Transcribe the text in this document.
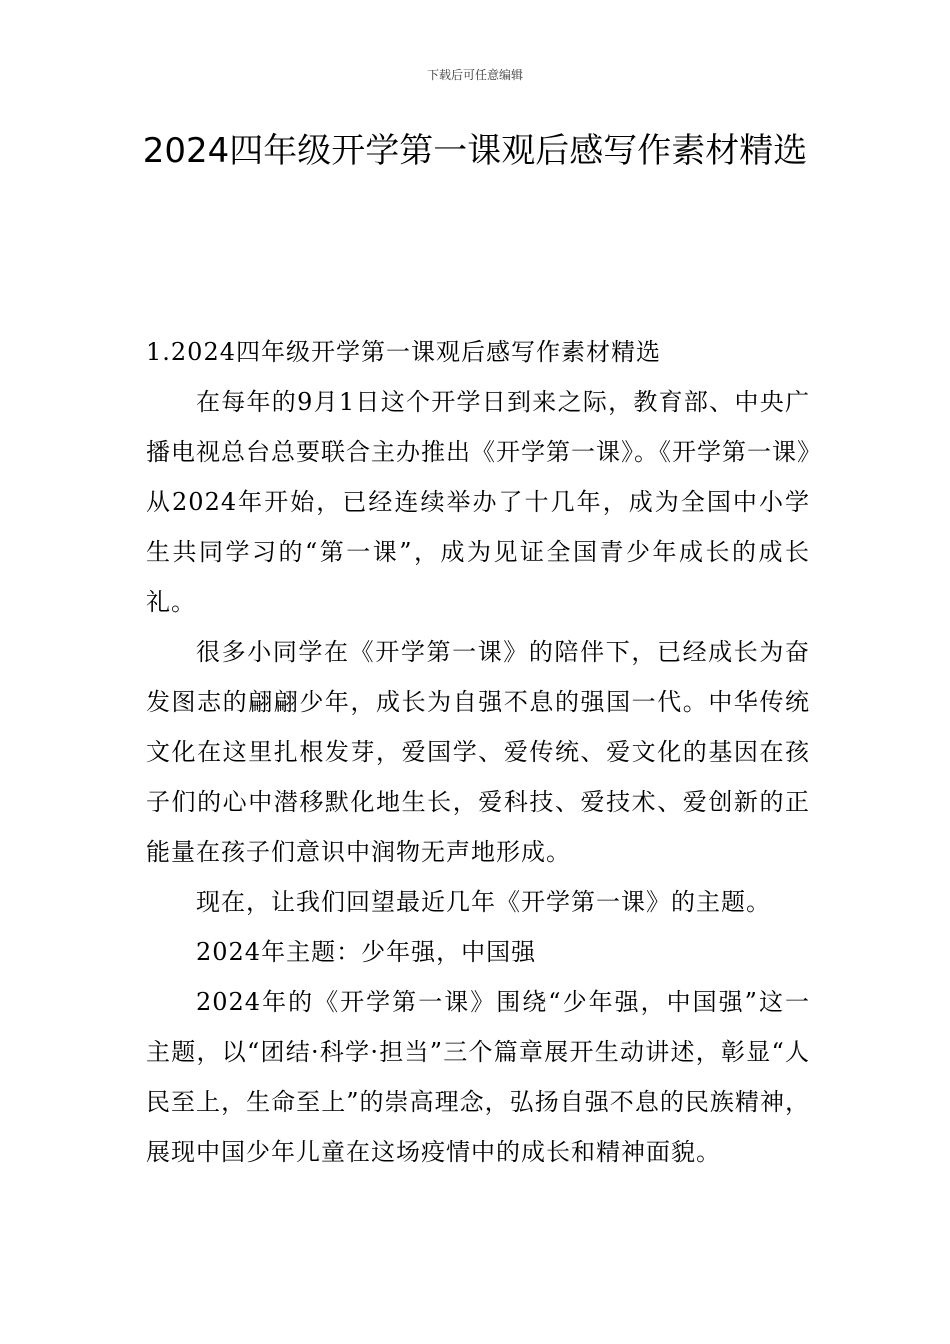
下载后可任意编辑
2024四年级开学第一课观后感写作素材精选

1.2024四年级开学第一课观后感写作素材精选

在每年的9月1日这个开学日到来之际，教育部、中央广播电视总台总要联合主办推出《开学第一课》。《开学第一课》从2024年开始，已经连续举办了十几年，成为全国中小学生共同学习的“第一课”，成为见证全国青少年成长的成长礼。

很多小同学在《开学第一课》的陪伴下，已经成长为奋发图志的翩翩少年，成长为自强不息的强国一代。中华传统文化在这里扎根发芽，爱国学、爱传统、爱文化的基因在孩子们的心中潜移默化地生长，爱科技、爱技术、爱创新的正能量在孩子们意识中润物无声地形成。

现在，让我们回望最近几年《开学第一课》的主题。

2024年主题：少年强，中国强

2024年的《开学第一课》围绕“少年强，中国强”这一主题，以“团结·科学·担当”三个篇章展开生动讲述，彰显“人民至上，生命至上”的崇高理念，弘扬自强不息的民族精神，展现中国少年儿童在这场疫情中的成长和精神面貌。
